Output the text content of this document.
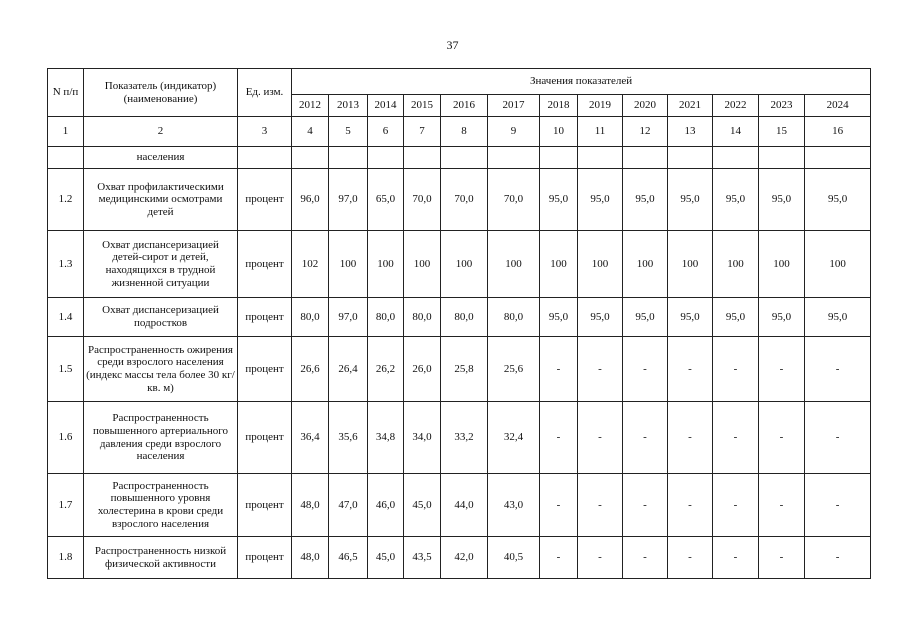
37
N п/п	Показатель (индикатор) (наименование)	Ед. изм.	Значения показателей												
			2012	2013	2014	2015	2016	2017	2018	2019	2020	2021	2022	2023	2024
1	2	3	4	5	6	7	8	9	10	11	12	13	14	15	16
	населения														
1.2	Охват профилактическими медицинскими осмотрами детей	процент	96,0	97,0	65,0	70,0	70,0	70,0	95,0	95,0	95,0	95,0	95,0	95,0	95,0
1.3	Охват диспансеризацией детей-сирот и детей, находящихся в трудной жизненной ситуации	процент	102	100	100	100	100	100	100	100	100	100	100	100	100
1.4	Охват диспансеризацией подростков	процент	80,0	97,0	80,0	80,0	80,0	80,0	95,0	95,0	95,0	95,0	95,0	95,0	95,0
1.5	Распространенность ожирения среди взрослого населения (индекс массы тела более 30 кг/кв. м)	процент	26,6	26,4	26,2	26,0	25,8	25,6	-	-	-	-	-	-	-
1.6	Распространенность повышенного артериального давления среди взрослого населения	процент	36,4	35,6	34,8	34,0	33,2	32,4	-	-	-	-	-	-	-
1.7	Распространенность повышенного уровня холестерина в крови среди взрослого населения	процент	48,0	47,0	46,0	45,0	44,0	43,0	-	-	-	-	-	-	-
1.8	Распространенность низкой физической активности	процент	48,0	46,5	45,0	43,5	42,0	40,5	-	-	-	-	-	-	-
